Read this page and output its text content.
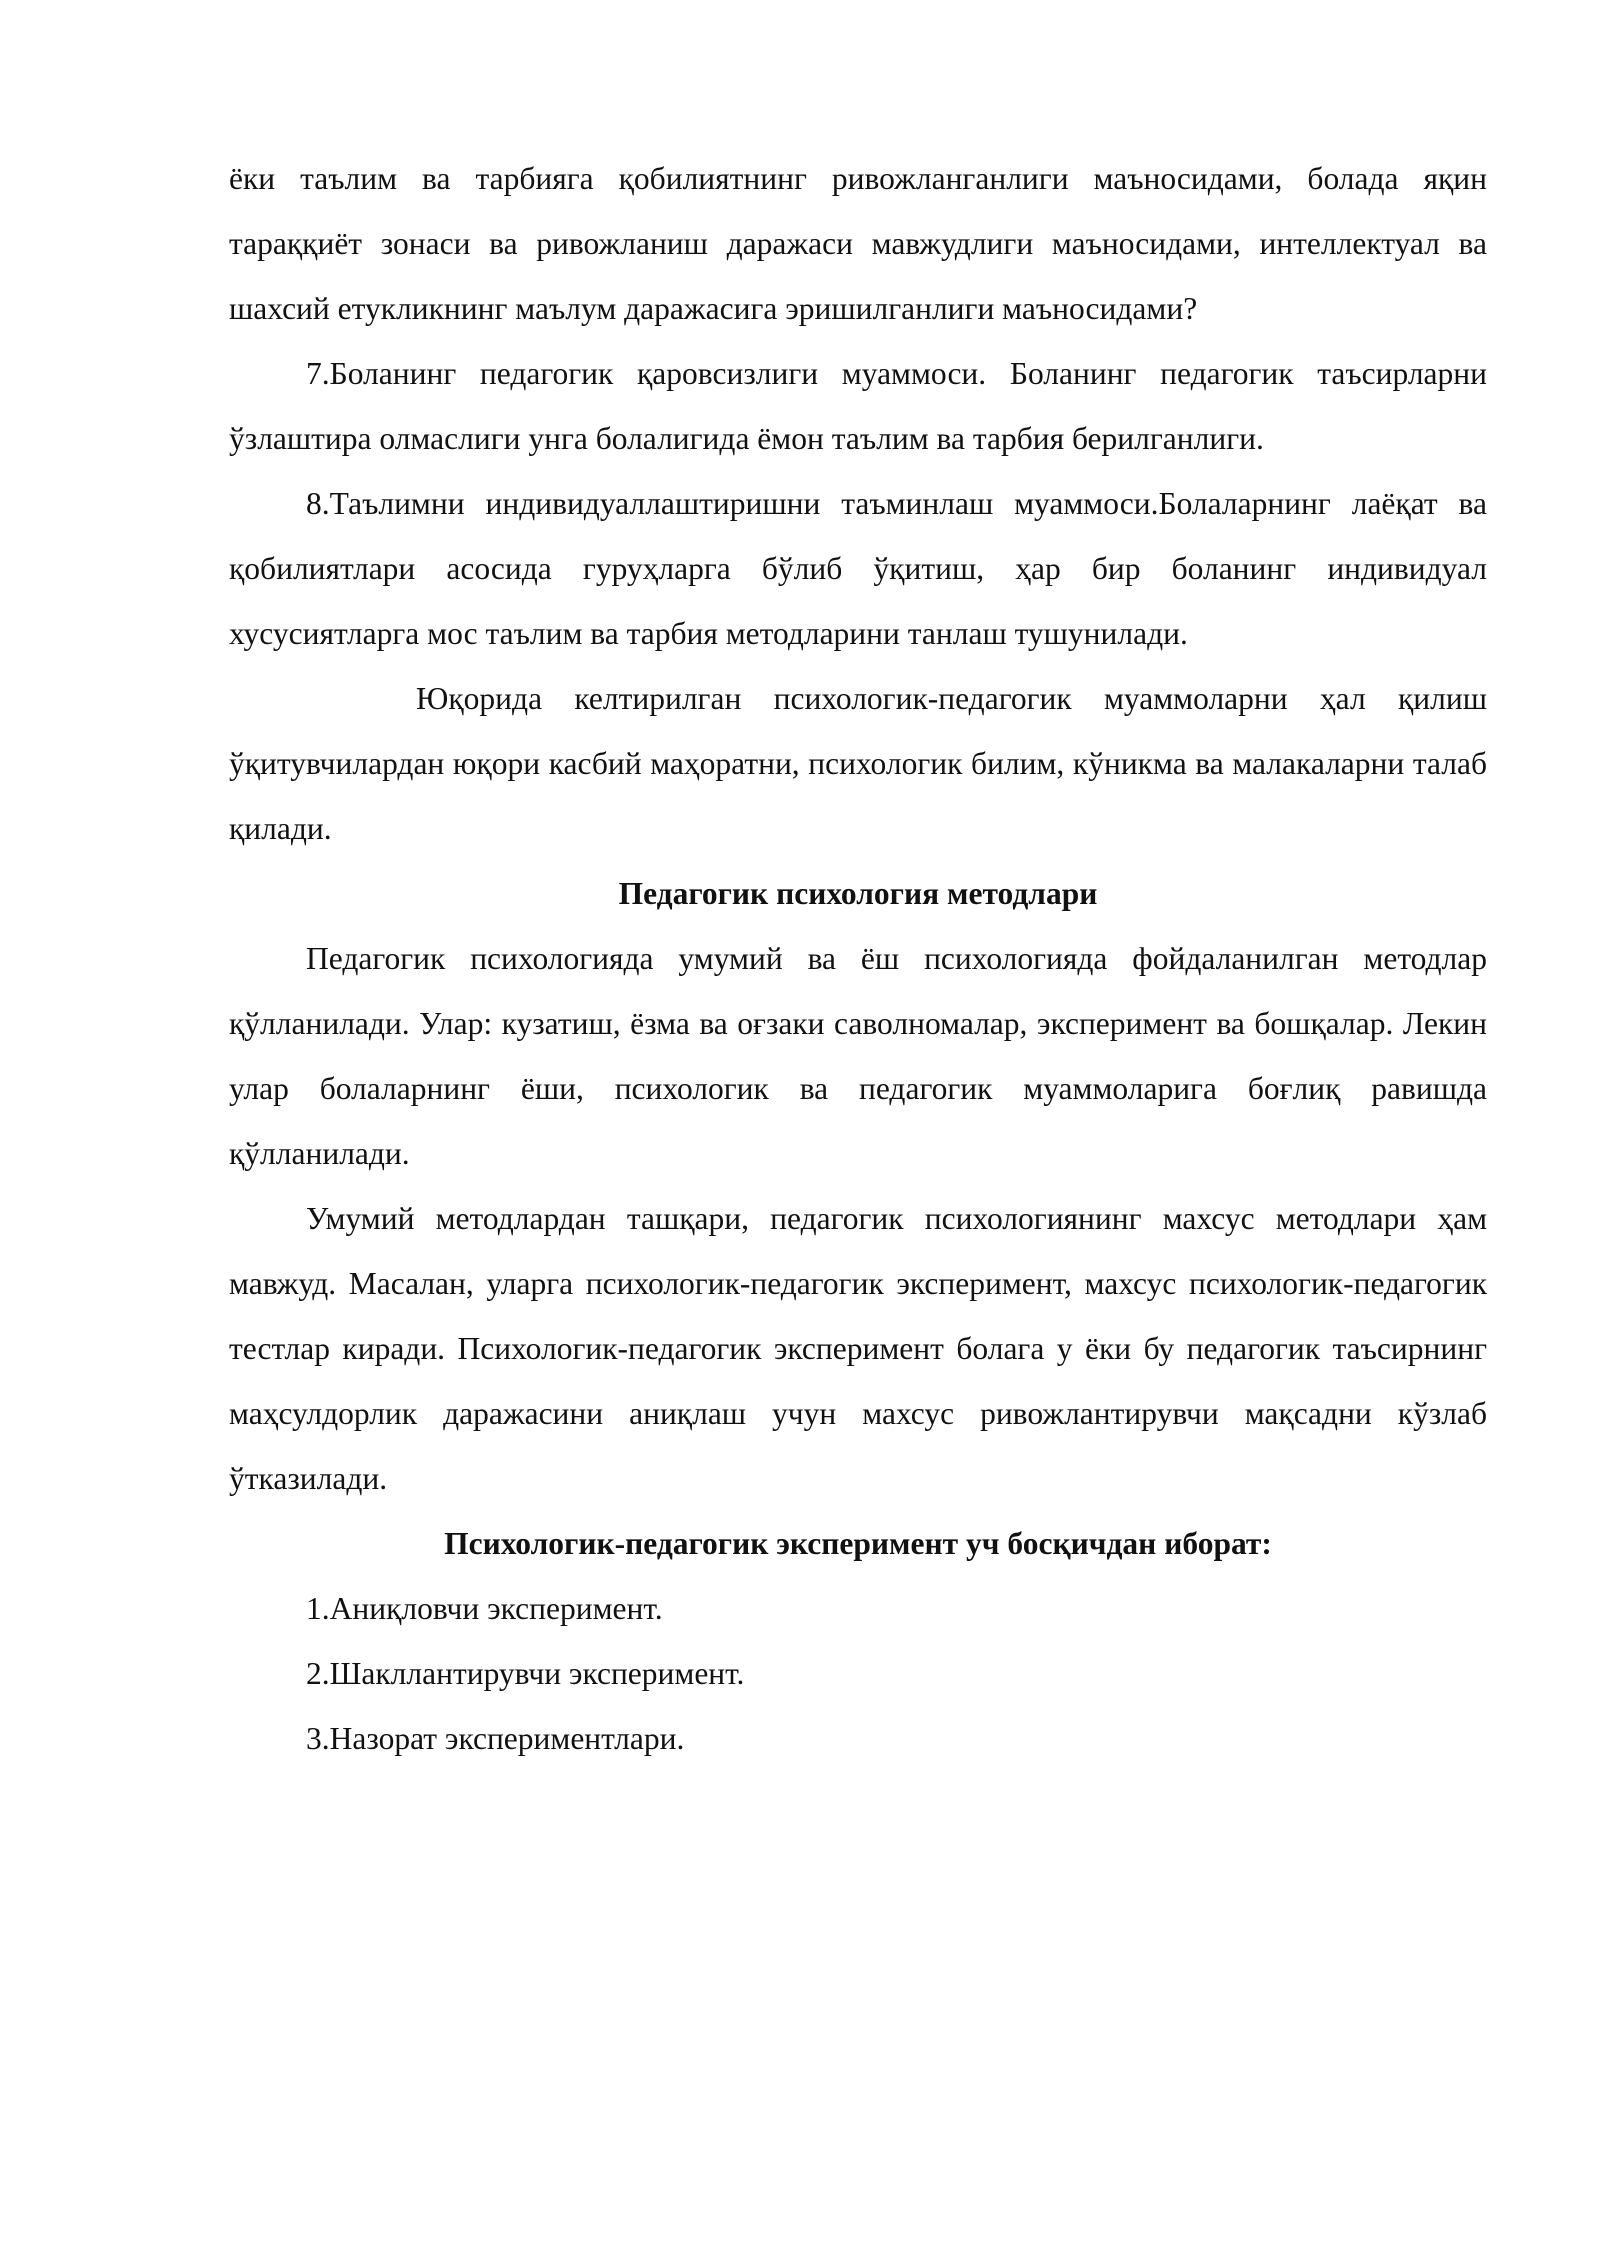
ёки таълим ва тарбияга қобилиятнинг ривожланганлиги маъносидами, болада яқин тараққиёт зонаси ва ривожланиш даражаси мавжудлиги маъносидами, интеллектуал ва шахсий етукликнинг маълум даражасига эришилганлиги маъносидами?

7.Боланинг педагогик қаровсизлиги муаммоси. Боланинг педагогик таъсирларни ўзлаштира олмаслиги унга болалигида ёмон таълим ва тарбия берилганлиги.

8.Таълимни индивидуаллаштиришни таъминлаш муаммоси.Болаларнинг лаёқат ва қобилиятлари асосида гуруҳларга бўлиб ўқитиш, ҳар бир боланинг индивидуал хусусиятларга мос таълим ва тарбия методларини танлаш тушунилади.

Юқорида келтирилган психологик-педагогик муаммоларни ҳал қилиш ўқитувчилардан юқори касбий маҳоратни, психологик билим, кўникма ва малакаларни талаб қилади.

Педагогик психология методлари

Педагогик психологияда умумий ва ёш психологияда фойдаланилган методлар қўлланилади. Улар: кузатиш, ёзма ва оғзаки саволномалар, эксперимент ва бошқалар. Лекин улар болаларнинг ёши, психологик ва педагогик муаммоларига боғлиқ равишда қўлланилади.

Умумий методлардан ташқари, педагогик психологиянинг махсус методлари ҳам мавжуд. Масалан, уларга психологик-педагогик эксперимент, махсус психологик-педагогик тестлар киради. Психологик-педагогик эксперимент болага у ёки бу педагогик таъсирнинг маҳсулдорлик даражасини аниқлаш учун махсус ривожлантирувчи мақсадни кўзлаб ўтказилади.

Психологик-педагогик эксперимент уч босқичдан иборат:

1.Аниқловчи эксперимент.

2.Шакллантирувчи эксперимент.

3.Назорат экспериментлари.
